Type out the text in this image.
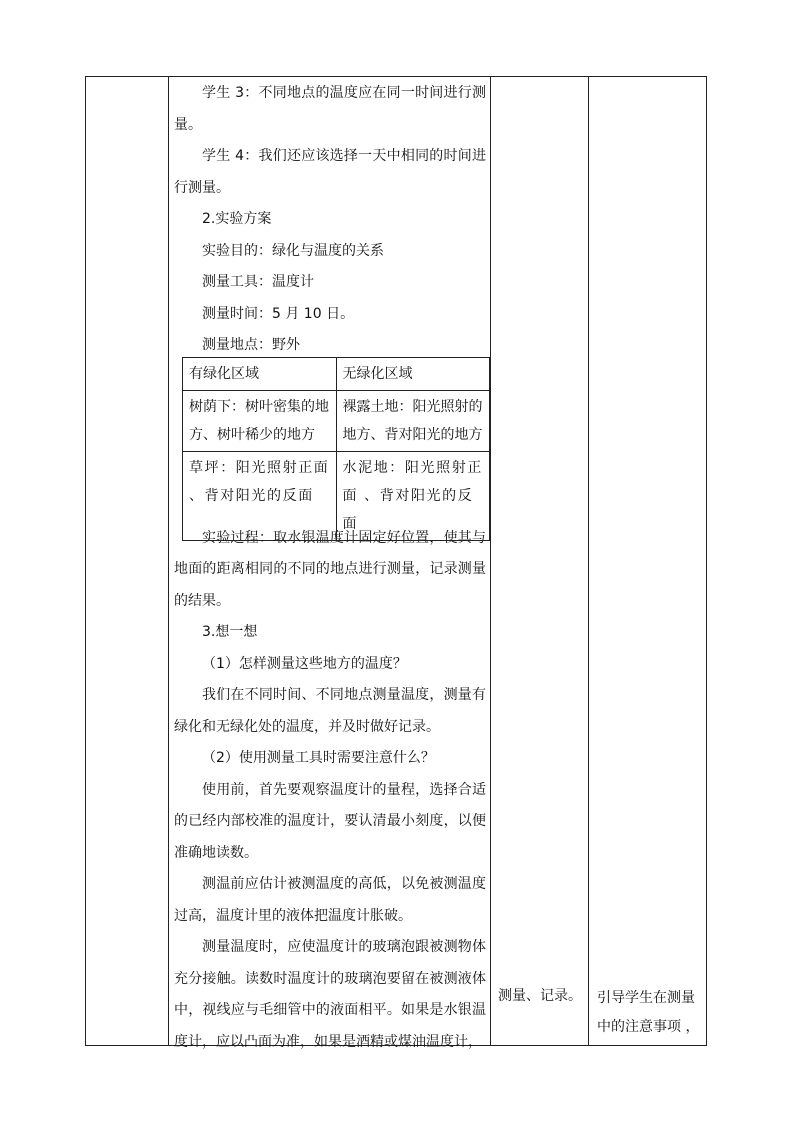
学生 3：不同地点的温度应在同一时间进行测量。

学生 4：我们还应该选择一天中相同的时间进行测量。

2.实验方案

实验目的：绿化与温度的关系

测量工具：温度计

测量时间：5 月 10 日。

测量地点：野外

实验过程：取水银温度计固定好位置，使其与地面的距离相同的不同的地点进行测量，记录测量的结果。

3.想一想

（1）怎样测量这些地方的温度？

我们在不同时间、不同地点测量温度，测量有绿化和无绿化处的温度，并及时做好记录。

（2）使用测量工具时需要注意什么？

使用前，首先要观察温度计的量程，选择合适的已经内部校准的温度计，要认清最小刻度，以便准确地读数。

测温前应估计被测温度的高低，以免被测温度过高，温度计里的液体把温度计胀破。

测量温度时，应使温度计的玻璃泡跟被测物体充分接触。读数时温度计的玻璃泡要留在被测液体中，视线应与毛细管中的液面相平。如果是水银温度计，应以凸面为准，如果是酒精或煤油温度计，

有绿化区域	无绿化区域
树荫下：树叶密集的地方、树叶稀少的地方	裸露土地：阳光照射的地方、背对阳光的地方
草坪：阳光照射正面 、背对阳光的反面	水泥地：阳光照射正面 、背对阳光的反面
测量、记录。 引导学生在测量中的注意事项 ，
